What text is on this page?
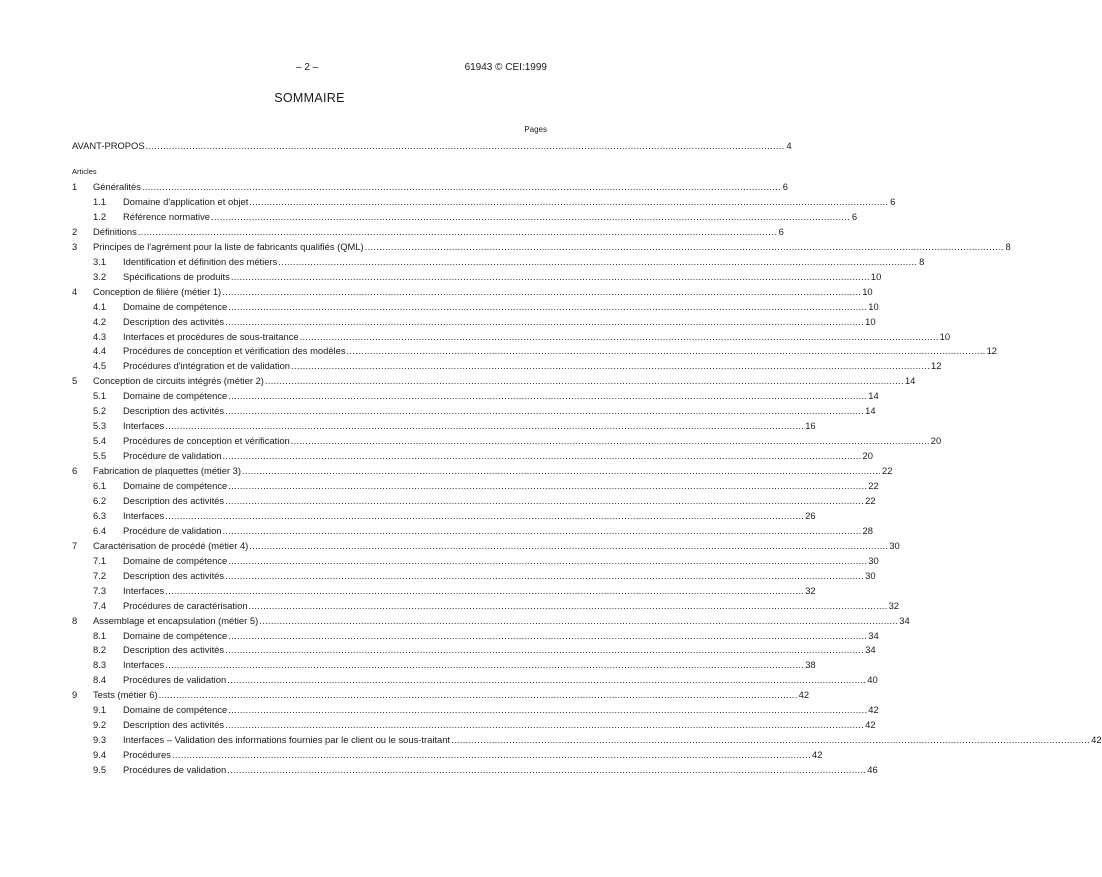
– 2 –	61943 © CEI:1999
SOMMAIRE
Pages
AVANT-PROPOS ............................................................................................................................................................................................................................ 4
Articles
1	Généralités ............................................................................................................................................................................................................................ 6
1.1	Domaine d'application et objet ............................................................................................................................................................................................................................ 6
1.2	Référence normative ............................................................................................................................................................................................................................ 6
2	Définitions ............................................................................................................................................................................................................................ 6
3	Principes de l'agrément pour la liste de fabricants qualifiés (QML) ............................................................................................................................................................................................................................ 8
3.1	Identification et définition des métiers ............................................................................................................................................................................................................................ 8
3.2	Spécifications de produits ............................................................................................................................................................................................................................ 10
4	Conception de filière (métier 1) ............................................................................................................................................................................................................................ 10
4.1	Domaine de compétence ............................................................................................................................................................................................................................ 10
4.2	Description des activités ............................................................................................................................................................................................................................ 10
4.3	Interfaces et procédures de sous-traitance ............................................................................................................................................................................................................................ 10
4.4	Procédures de conception et vérification des modèles ............................................................................................................................................................................................................................ 12
4.5	Procédures d'intégration et de validation ............................................................................................................................................................................................................................ 12
5	Conception de circuits intégrés (métier 2) ............................................................................................................................................................................................................................ 14
5.1	Domaine de compétence ............................................................................................................................................................................................................................ 14
5.2	Description des activités ............................................................................................................................................................................................................................ 14
5.3	Interfaces ............................................................................................................................................................................................................................ 16
5.4	Procédures de conception et vérification ............................................................................................................................................................................................................................ 20
5.5	Procédure de validation ............................................................................................................................................................................................................................ 20
6	Fabrication de plaquettes (métier 3) ............................................................................................................................................................................................................................ 22
6.1	Domaine de compétence ............................................................................................................................................................................................................................ 22
6.2	Description des activités ............................................................................................................................................................................................................................ 22
6.3	Interfaces ............................................................................................................................................................................................................................ 26
6.4	Procédure de validation ............................................................................................................................................................................................................................ 28
7	Caractérisation de procédé (métier 4) ............................................................................................................................................................................................................................ 30
7.1	Domaine de compétence ............................................................................................................................................................................................................................ 30
7.2	Description des activités ............................................................................................................................................................................................................................ 30
7.3	Interfaces ............................................................................................................................................................................................................................ 32
7.4	Procédures de caractérisation ............................................................................................................................................................................................................................ 32
8	Assemblage et encapsulation (métier 5) ............................................................................................................................................................................................................................ 34
8.1	Domaine de compétence ............................................................................................................................................................................................................................ 34
8.2	Description des activités ............................................................................................................................................................................................................................ 34
8.3	Interfaces ............................................................................................................................................................................................................................ 38
8.4	Procédures de validation ............................................................................................................................................................................................................................ 40
9	Tests (métier 6) ............................................................................................................................................................................................................................ 42
9.1	Domaine de compétence ............................................................................................................................................................................................................................ 42
9.2	Description des activités ............................................................................................................................................................................................................................ 42
9.3	Interfaces – Validation des informations fournies par le client ou le sous-traitant ............................................................................................................................................................................................................................ 42
9.4	Procédures ............................................................................................................................................................................................................................ 42
9.5	Procédures de validation ............................................................................................................................................................................................................................ 46
